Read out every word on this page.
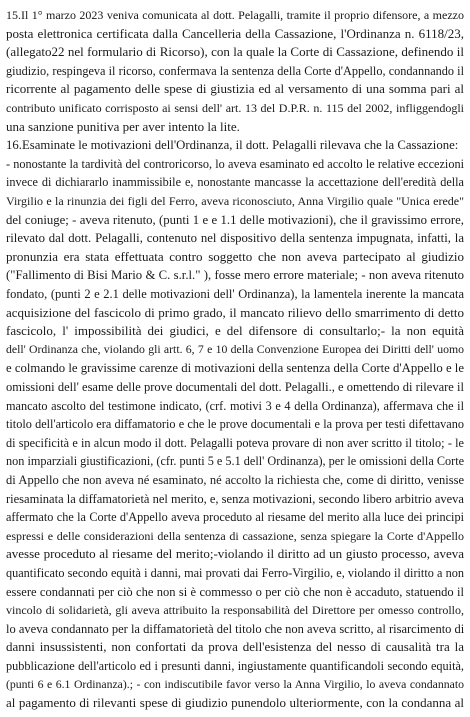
15.Il 1° marzo 2023 veniva comunicata al dott. Pelagalli, tramite il proprio difensore, a mezzo
posta elettronica certificata dalla Cancelleria della Cassazione, l'Ordinanza n. 6118/23,
(allegato22 nel formulario di Ricorso), con la quale la Corte di Cassazione, definendo il
giudizio, respingeva il ricorso, confermava la sentenza della Corte d'Appello, condannando il
ricorrente al pagamento delle spese di giustizia ed al versamento di una somma pari al
contributo unificato corrisposto ai sensi dell' art. 13 del D.P.R. n. 115 del 2002, infliggendogli
una sanzione punitiva per aver intento la lite.
16.Esaminate le motivazioni dell'Ordinanza, il dott. Pelagalli rilevava che la Cassazione:
- nonostante la tardività del controricorso, lo aveva esaminato ed accolto le relative eccezioni
invece di dichiararlo inammissibile e, nonostante mancasse la accettazione dell'eredità della
Virgilio e la rinunzia dei figli del Ferro, aveva riconosciuto, Anna Virgilio quale "Unica erede"
del coniuge; - aveva ritenuto, (punti 1 e e 1.1 delle motivazioni), che il gravissimo errore,
rilevato dal dott. Pelagalli, contenuto nel dispositivo della sentenza impugnata, infatti, la
pronunzia era stata effettuata contro soggetto che non aveva partecipato al giudizio
("Fallimento di Bisi Mario & C. s.r.l." ), fosse mero errore materiale; - non aveva ritenuto
fondato, (punti 2 e 2.1 delle motivazioni dell' Ordinanza), la lamentela inerente la mancata
acquisizione del fascicolo di primo grado, il mancato rilievo dello smarrimento di detto
fascicolo, l' impossibilità dei giudici, e del difensore di consultarlo;- la non equità
dell' Ordinanza che, violando gli artt. 6, 7 e 10 della Convenzione Europea dei Diritti dell' uomo
e colmando le gravissime carenze di motivazioni della sentenza della Corte d'Appello e le
omissioni dell' esame delle prove documentali del dott. Pelagalli., e omettendo di rilevare il
mancato ascolto del testimone indicato, (crf. motivi 3 e 4 della Ordinanza), affermava che il
titolo dell'articolo era diffamatorio e che le prove documentali e la prova per testi difettavano
di specificità e in alcun modo il dott. Pelagalli poteva provare di non aver scritto il titolo; - le
non imparziali giustificazioni, (cfr. punti 5 e 5.1 dell' Ordinanza), per le omissioni della Corte
di Appello che non aveva né esaminato, né accolto la richiesta che, come di diritto, venisse
riesaminata la diffamatorietà nel merito, e, senza motivazioni, secondo libero arbitrio aveva
affermato che la Corte d'Appello aveva proceduto al riesame del merito alla luce dei principi
espressi e delle considerazioni della sentenza di cassazione, senza spiegare la Corte d'Appello
avesse proceduto al riesame del merito;-violando il diritto ad un giusto processo, aveva
quantificato secondo equità i danni, mai provati dai Ferro-Virgilio, e, violando il diritto a non
essere condannati per ciò che non si è commesso o per ciò che non è accaduto, statuendo il
vincolo di solidarietà, gli aveva attribuito la responsabilità del Direttore per omesso controllo,
lo aveva condannato per la diffamatorietà del titolo che non aveva scritto, al risarcimento di
danni insussistenti, non confortati da prova dell'esistenza del nesso di causalità tra la
pubblicazione dell'articolo ed i presunti danni, ingiustamente quantificandoli secondo equità,
(punti 6 e 6.1 Ordinanza).; - con indiscutibile favor verso la Anna Virgilio, lo aveva condannato
al pagamento di rilevanti spese di giudizio punendolo ulteriormente, con la condanna al
